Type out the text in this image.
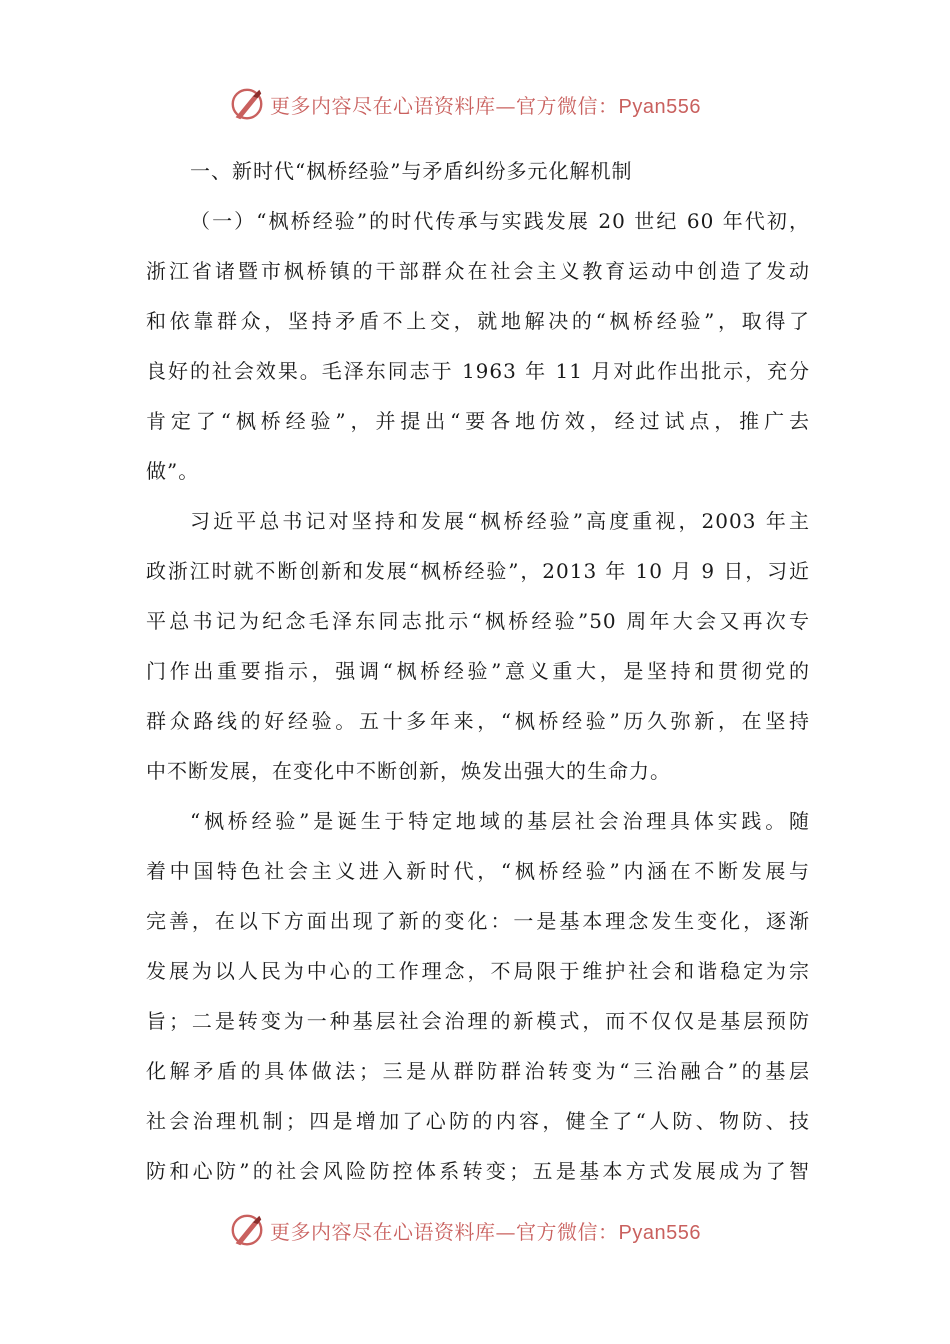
更多内容尽在心语资料库—官方微信：Pyan556
一、新时代“枫桥经验”与矛盾纠纷多元化解机制
（一）“枫桥经验”的时代传承与实践发展 20 世纪 60 年代初，
浙江省诸暨市枫桥镇的干部群众在社会主义教育运动中创造了发动
和依靠群众，坚持矛盾不上交，就地解决的“枫桥经验”，取得了
良好的社会效果。毛泽东同志于 1963 年 11 月对此作出批示，充分
肯定了“枫桥经验”，并提出“要各地仿效，经过试点，推广去
做”。
习近平总书记对坚持和发展“枫桥经验”高度重视，2003 年主
政浙江时就不断创新和发展“枫桥经验”，2013 年 10 月 9 日，习近
平总书记为纪念毛泽东同志批示“枫桥经验”50 周年大会又再次专
门作出重要指示，强调“枫桥经验”意义重大，是坚持和贯彻党的
群众路线的好经验。五十多年来，“枫桥经验”历久弥新，在坚持
中不断发展，在变化中不断创新，焕发出强大的生命力。
“枫桥经验”是诞生于特定地域的基层社会治理具体实践。随
着中国特色社会主义进入新时代，“枫桥经验”内涵在不断发展与
完善，在以下方面出现了新的变化：一是基本理念发生变化，逐渐
发展为以人民为中心的工作理念，不局限于维护社会和谐稳定为宗
旨；二是转变为一种基层社会治理的新模式，而不仅仅是基层预防
化解矛盾的具体做法；三是从群防群治转变为“三治融合”的基层
社会治理机制；四是增加了心防的内容，健全了“人防、物防、技
防和心防”的社会风险防控体系转变；五是基本方式发展成为了智
更多内容尽在心语资料库—官方微信：Pyan556
